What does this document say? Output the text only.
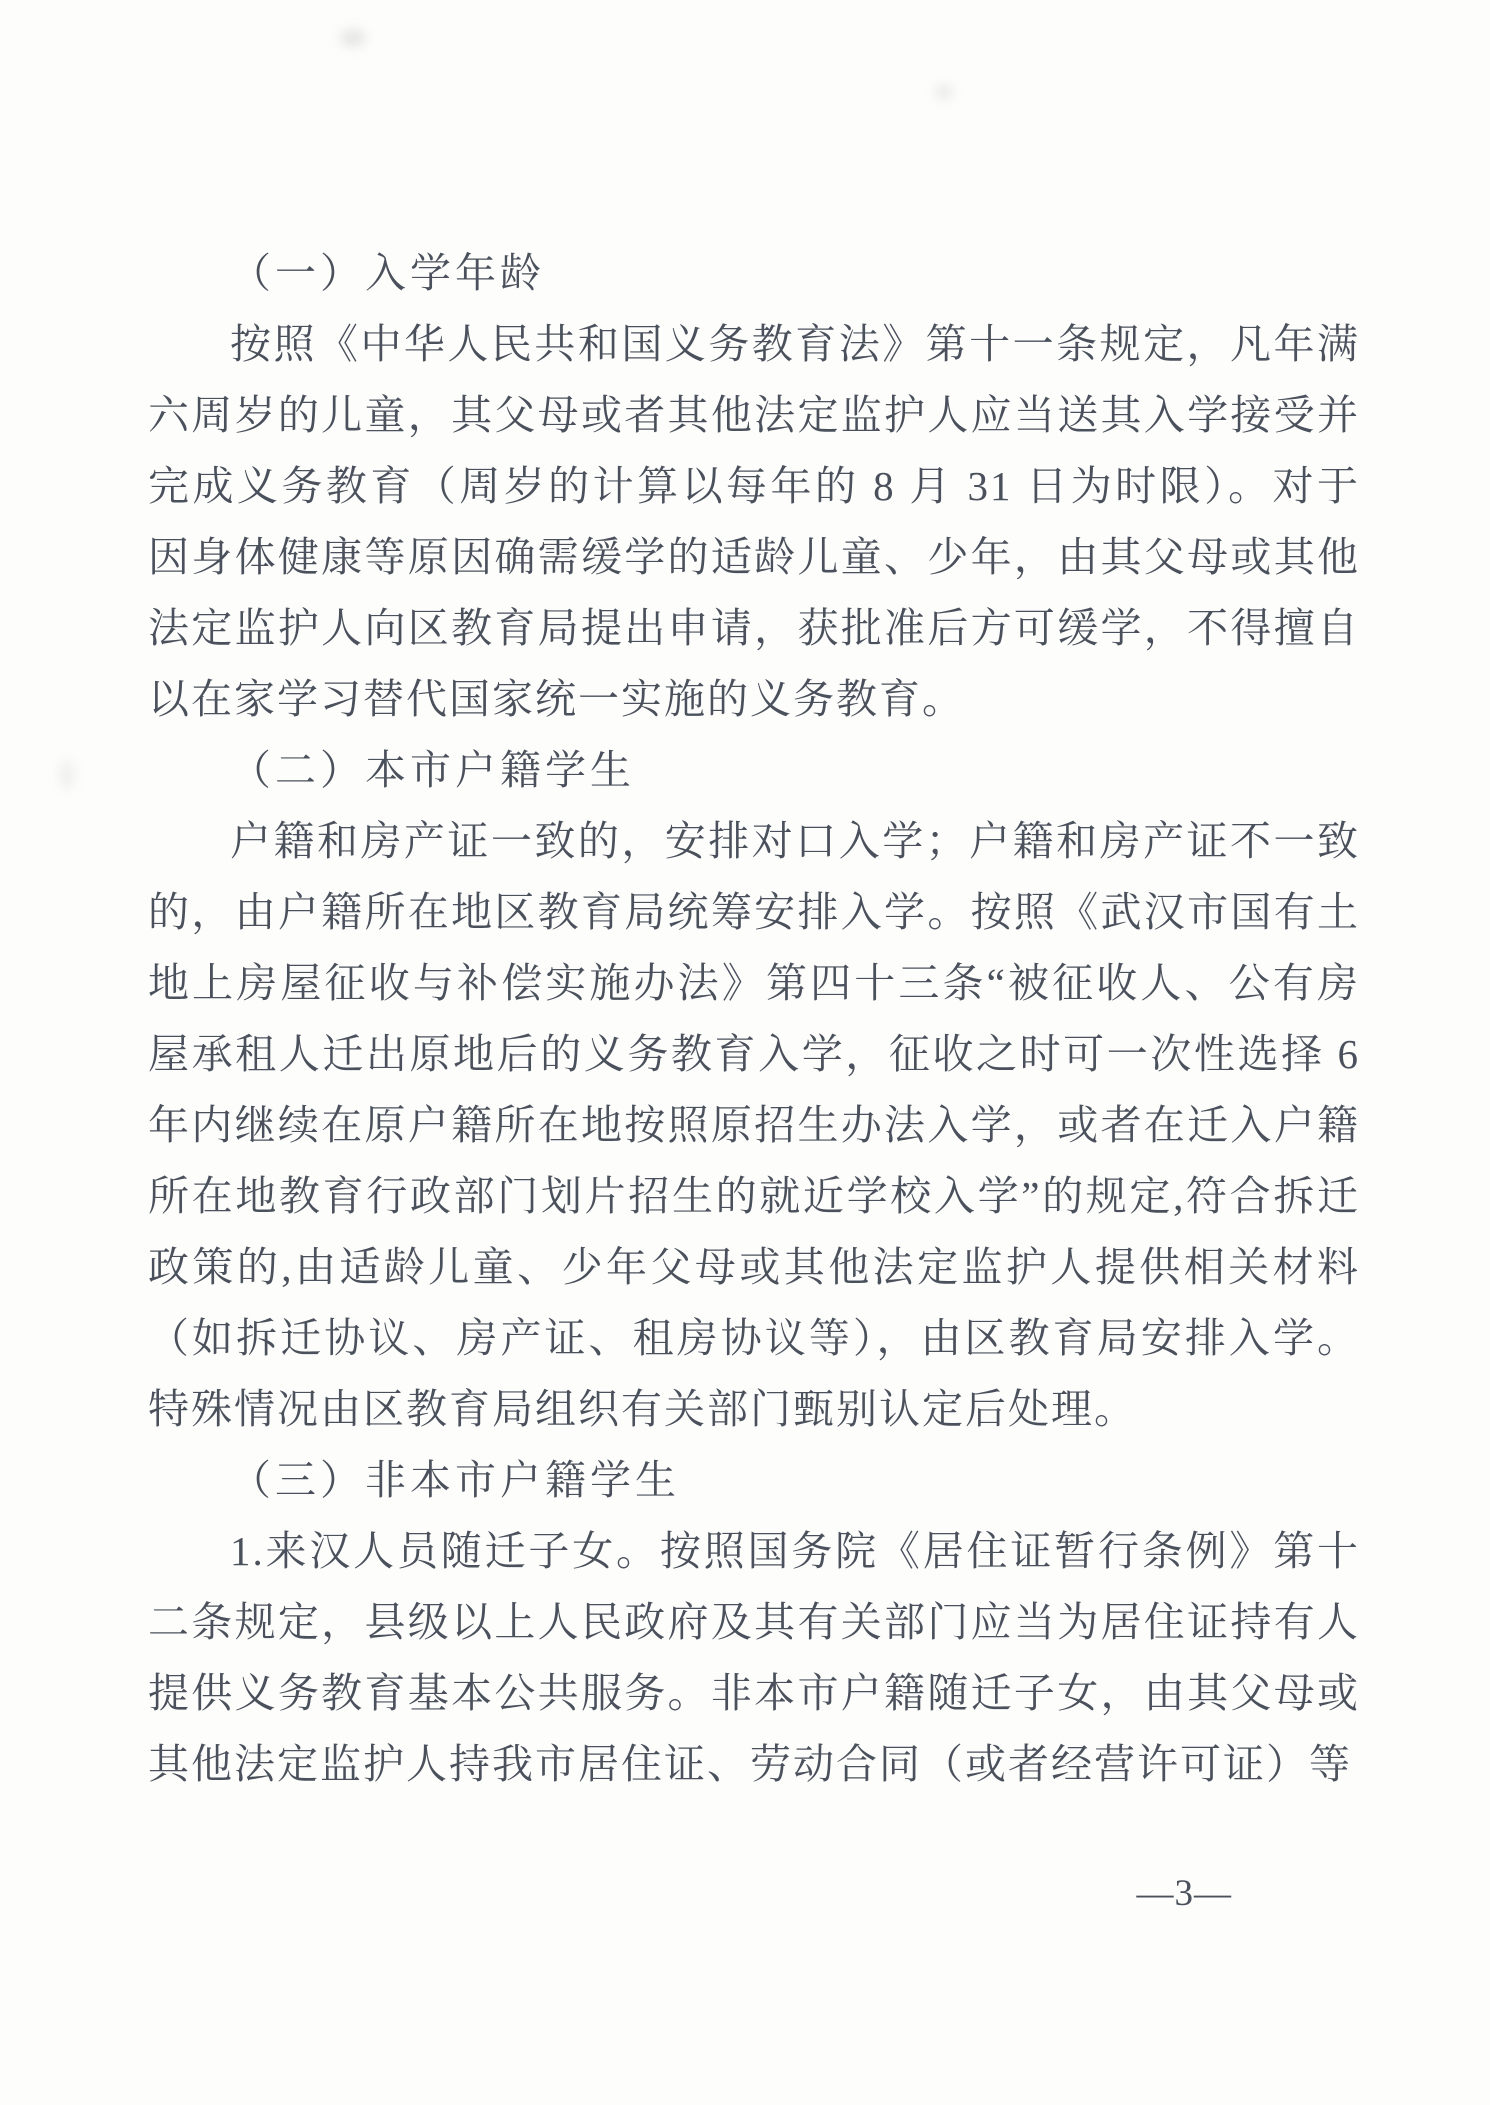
（一）入学年龄

按照《中华人民共和国义务教育法》第十一条规定，凡年满六周岁的儿童，其父母或者其他法定监护人应当送其入学接受并完成义务教育（周岁的计算以每年的 8 月 31 日为时限）。对于因身体健康等原因确需缓学的适龄儿童、少年，由其父母或其他法定监护人向区教育局提出申请，获批准后方可缓学，不得擅自以在家学习替代国家统一实施的义务教育。

（二）本市户籍学生

户籍和房产证一致的，安排对口入学；户籍和房产证不一致的，由户籍所在地区教育局统筹安排入学。按照《武汉市国有土地上房屋征收与补偿实施办法》第四十三条“被征收人、公有房屋承租人迁出原地后的义务教育入学，征收之时可一次性选择 6 年内继续在原户籍所在地按照原招生办法入学，或者在迁入户籍所在地教育行政部门划片招生的就近学校入学”的规定,符合拆迁政策的,由适龄儿童、少年父母或其他法定监护人提供相关材料（如拆迁协议、房产证、租房协议等），由区教育局安排入学。特殊情况由区教育局组织有关部门甄别认定后处理。

（三）非本市户籍学生

1.来汉人员随迁子女。按照国务院《居住证暂行条例》第十二条规定，县级以上人民政府及其有关部门应当为居住证持有人提供义务教育基本公共服务。非本市户籍随迁子女，由其父母或其他法定监护人持我市居住证、劳动合同（或者经营许可证）等

—3—
